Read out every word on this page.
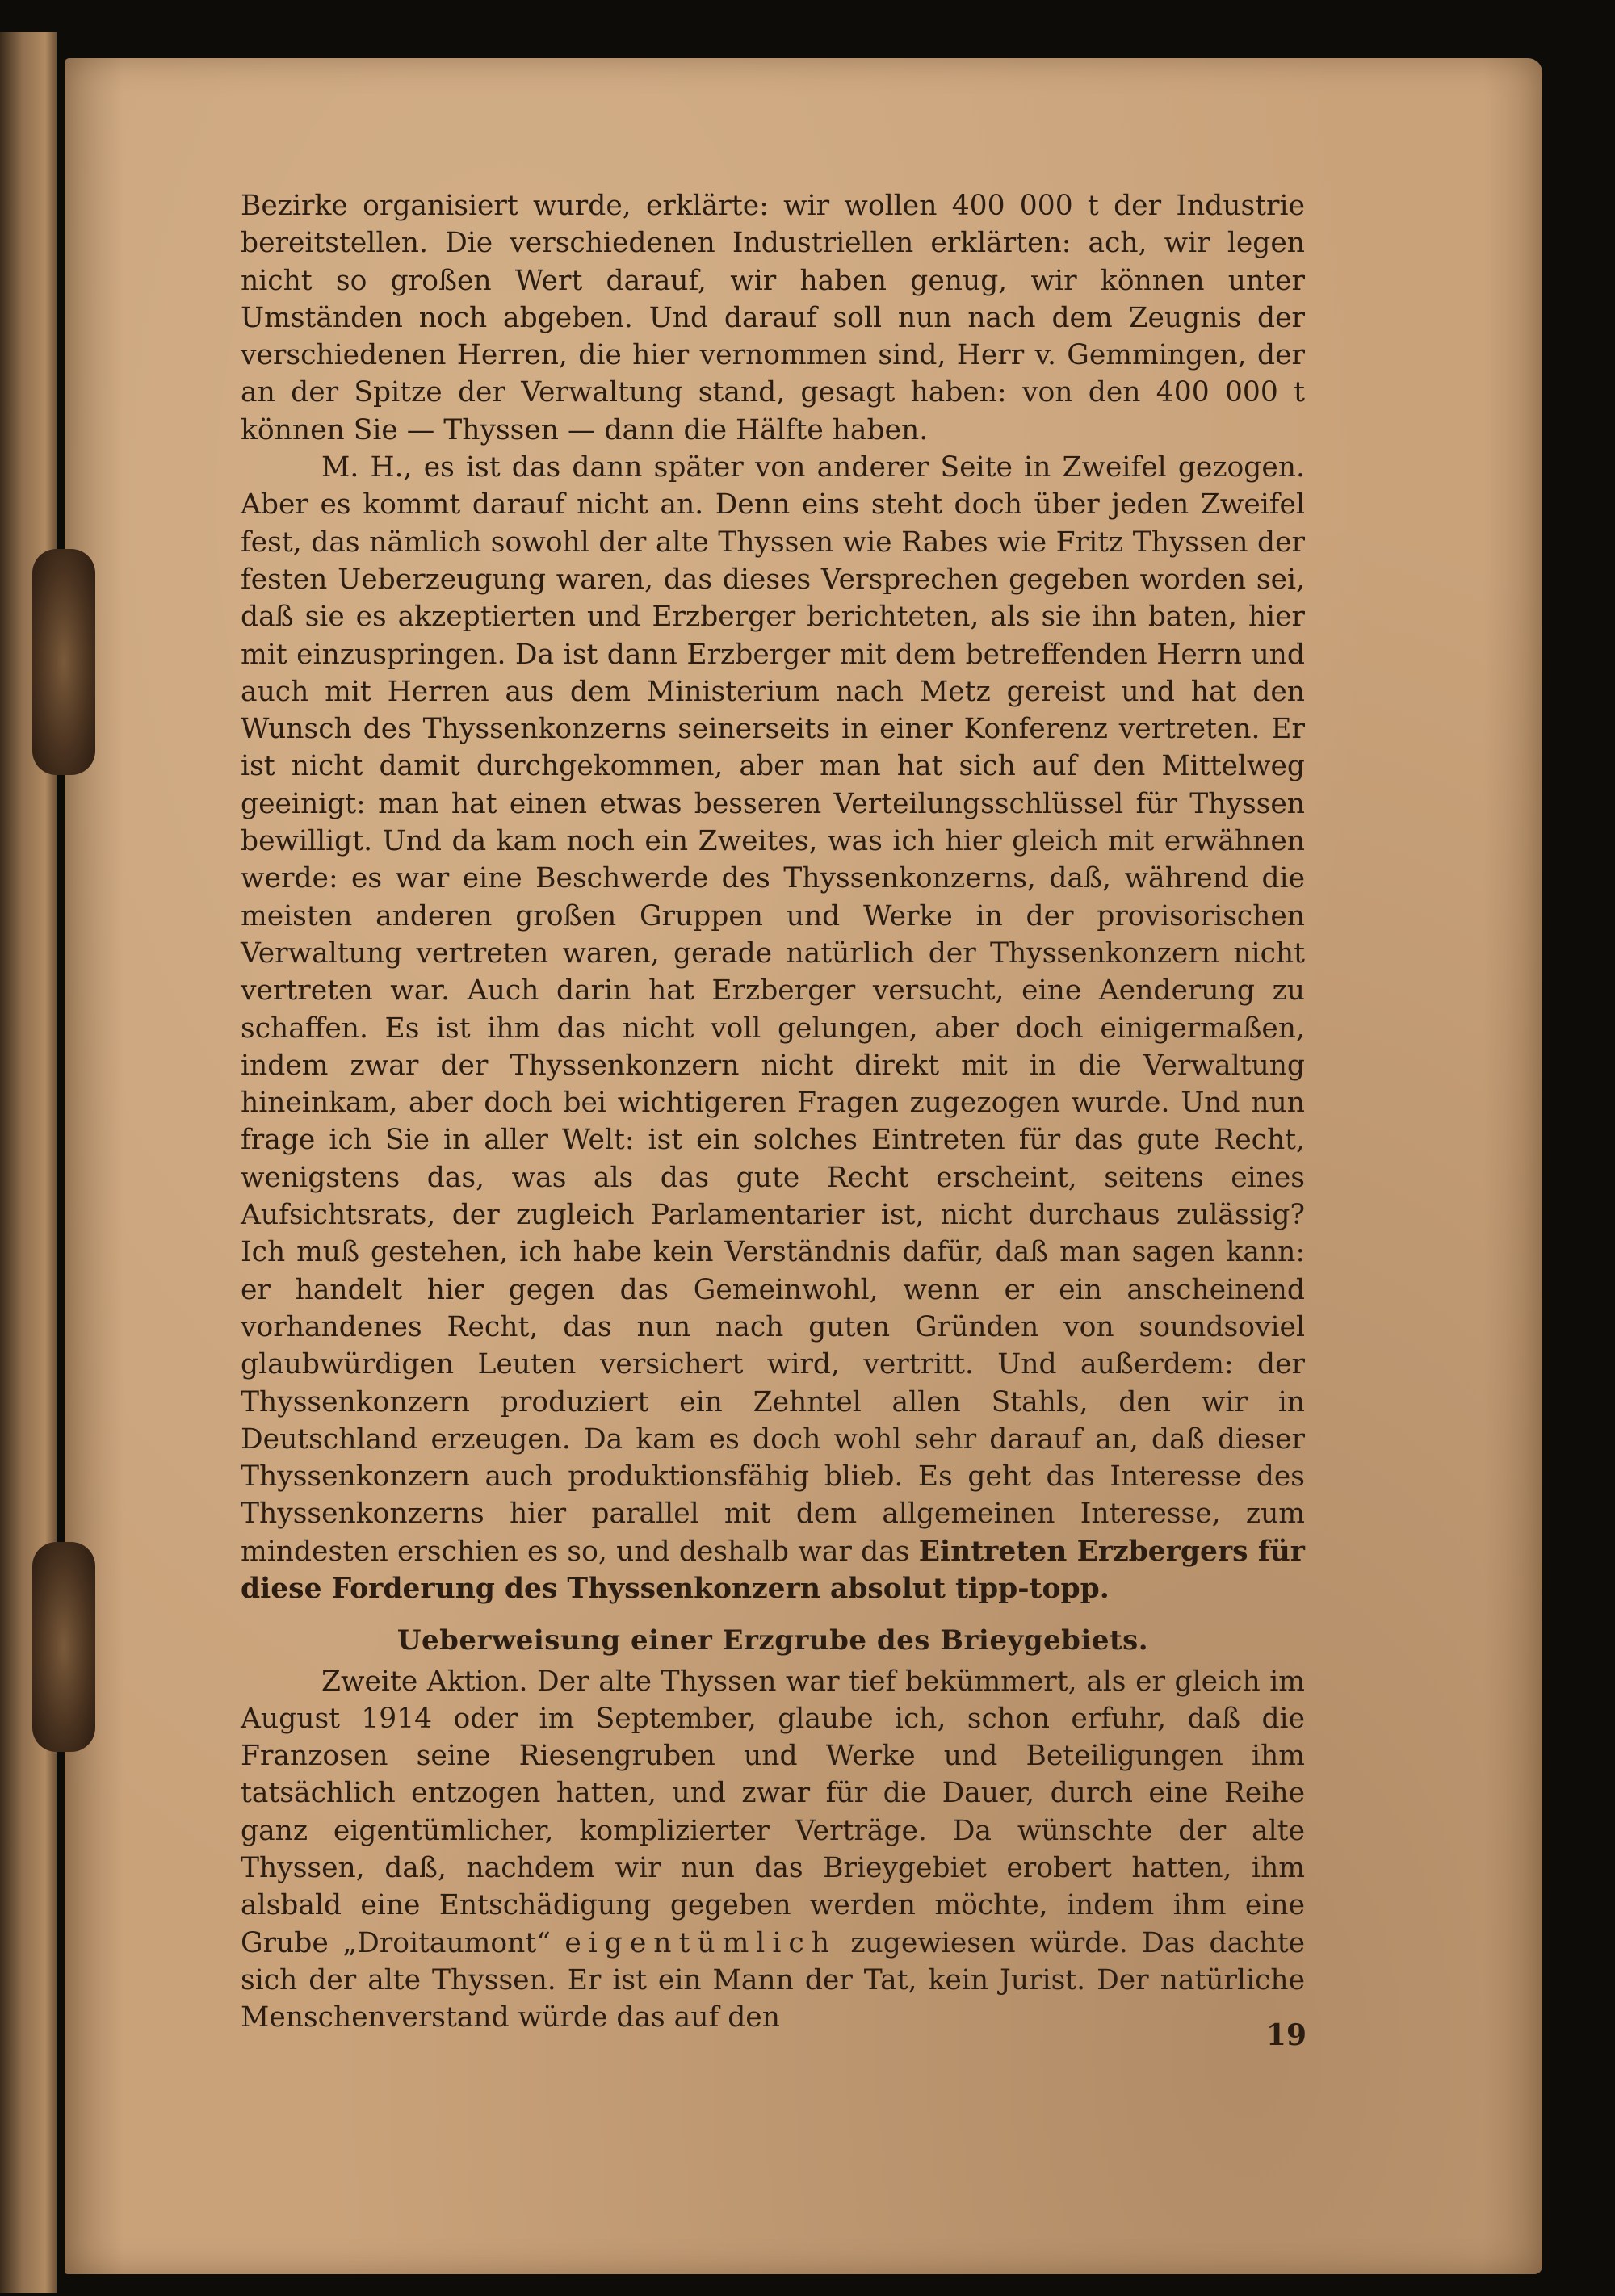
Bezirke organisiert wurde, erklärte: wir wollen 400 000 t der Industrie bereitstellen. Die verschiedenen Industriellen erklärten: ach, wir legen nicht so großen Wert darauf, wir haben genug, wir können unter Umständen noch abgeben. Und darauf soll nun nach dem Zeugnis der verschiedenen Herren, die hier vernommen sind, Herr v. Gemmingen, der an der Spitze der Verwaltung stand, gesagt haben: von den 400 000 t können Sie — Thyssen — dann die Hälfte haben.

M. H., es ist das dann später von anderer Seite in Zweifel gezogen. Aber es kommt darauf nicht an. Denn eins steht doch über jeden Zweifel fest, das nämlich sowohl der alte Thyssen wie Rabes wie Fritz Thyssen der festen Ueberzeugung waren, das dieses Versprechen gegeben worden sei, daß sie es akzeptierten und Erzberger berichteten, als sie ihn baten, hier mit einzuspringen. Da ist dann Erzberger mit dem betreffenden Herrn und auch mit Herren aus dem Ministerium nach Metz gereist und hat den Wunsch des Thyssenkonzerns seinerseits in einer Konferenz vertreten. Er ist nicht damit durchgekommen, aber man hat sich auf den Mittelweg geeinigt: man hat einen etwas besseren Verteilungsschlüssel für Thyssen bewilligt. Und da kam noch ein Zweites, was ich hier gleich mit erwähnen werde: es war eine Beschwerde des Thyssenkonzerns, daß, während die meisten anderen großen Gruppen und Werke in der provisorischen Verwaltung vertreten waren, gerade natürlich der Thyssenkonzern nicht vertreten war. Auch darin hat Erzberger versucht, eine Aenderung zu schaffen. Es ist ihm das nicht voll gelungen, aber doch einigermaßen, indem zwar der Thyssenkonzern nicht direkt mit in die Verwaltung hineinkam, aber doch bei wichtigeren Fragen zugezogen wurde. Und nun frage ich Sie in aller Welt: ist ein solches Eintreten für das gute Recht, wenigstens das, was als das gute Recht erscheint, seitens eines Aufsichtsrats, der zugleich Parlamentarier ist, nicht durchaus zulässig? Ich muß gestehen, ich habe kein Verständnis dafür, daß man sagen kann: er handelt hier gegen das Gemeinwohl, wenn er ein anscheinend vorhandenes Recht, das nun nach guten Gründen von soundsoviel glaubwürdigen Leuten versichert wird, vertritt. Und außerdem: der Thyssenkonzern produziert ein Zehntel allen Stahls, den wir in Deutschland erzeugen. Da kam es doch wohl sehr darauf an, daß dieser Thyssenkonzern auch produktionsfähig blieb. Es geht das Interesse des Thyssenkonzerns hier parallel mit dem allgemeinen Interesse, zum mindesten erschien es so, und deshalb war das Eintreten Erzbergers für diese Forderung des Thyssenkonzern absolut tipp-topp.

Ueberweisung einer Erzgrube des Brieygebiets.

Zweite Aktion. Der alte Thyssen war tief bekümmert, als er gleich im August 1914 oder im September, glaube ich, schon erfuhr, daß die Franzosen seine Riesengruben und Werke und Beteiligungen ihm tatsächlich entzogen hatten, und zwar für die Dauer, durch eine Reihe ganz eigentümlicher, komplizierter Verträge. Da wünschte der alte Thyssen, daß, nachdem wir nun das Brieygebiet erobert hatten, ihm alsbald eine Entschädigung gegeben werden möchte, indem ihm eine Grube „Droitaumont“ eigentümlich zugewiesen würde. Das dachte sich der alte Thyssen. Er ist ein Mann der Tat, kein Jurist. Der natürliche Menschenverstand würde das auf den

19
